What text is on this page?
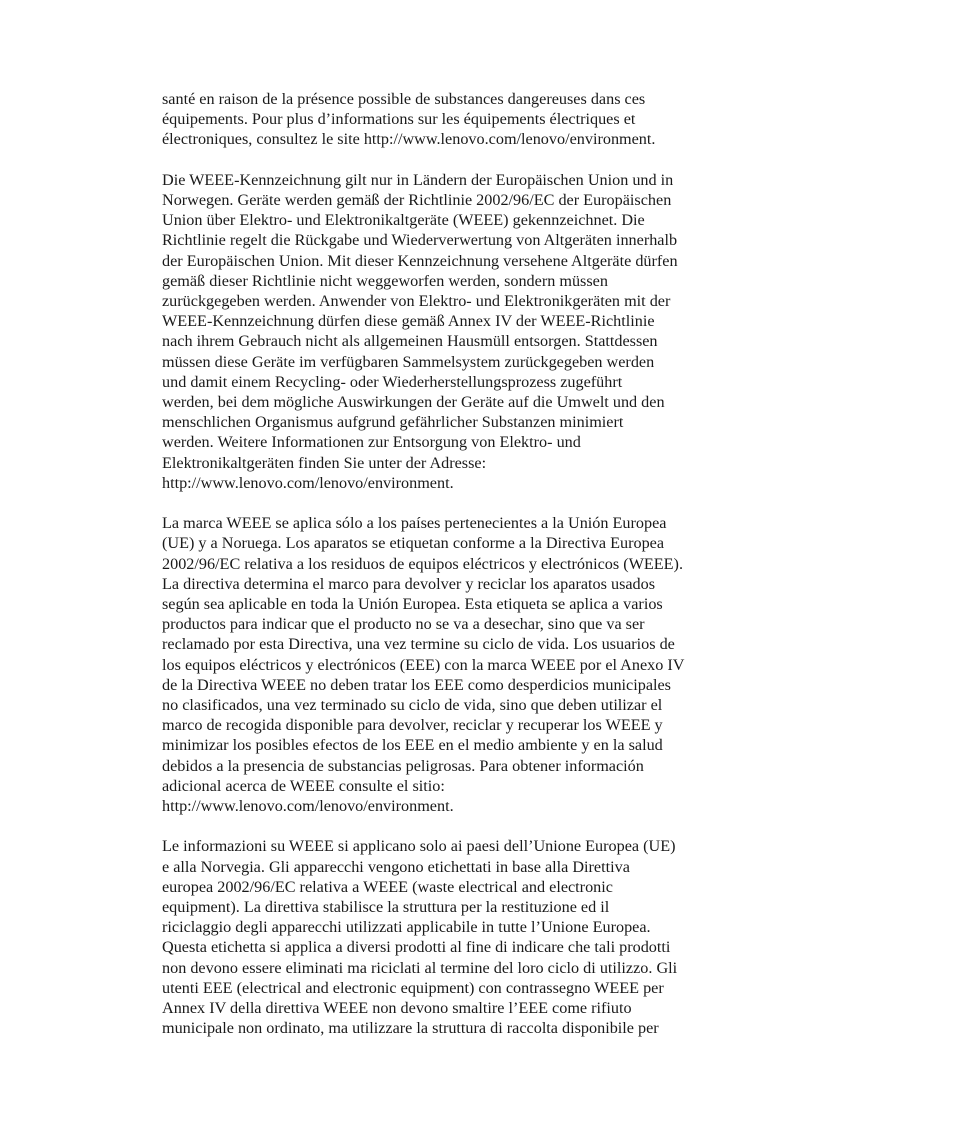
santé en raison de la présence possible de substances dangereuses dans ces
équipements. Pour plus d’informations sur les équipements électriques et
électroniques, consultez le site http://www.lenovo.com/lenovo/environment.
Die WEEE-Kennzeichnung gilt nur in Ländern der Europäischen Union und in
Norwegen. Geräte werden gemäß der Richtlinie 2002/96/EC der Europäischen
Union über Elektro- und Elektronikaltgeräte (WEEE) gekennzeichnet. Die
Richtlinie regelt die Rückgabe und Wiederverwertung von Altgeräten innerhalb
der Europäischen Union. Mit dieser Kennzeichnung versehene Altgeräte dürfen
gemäß dieser Richtlinie nicht weggeworfen werden, sondern müssen
zurückgegeben werden. Anwender von Elektro- und Elektronikgeräten mit der
WEEE-Kennzeichnung dürfen diese gemäß Annex IV der WEEE-Richtlinie
nach ihrem Gebrauch nicht als allgemeinen Hausmüll entsorgen. Stattdessen
müssen diese Geräte im verfügbaren Sammelsystem zurückgegeben werden
und damit einem Recycling- oder Wiederherstellungsprozess zugeführt
werden, bei dem mögliche Auswirkungen der Geräte auf die Umwelt und den
menschlichen Organismus aufgrund gefährlicher Substanzen minimiert
werden. Weitere Informationen zur Entsorgung von Elektro- und
Elektronikaltgeräten finden Sie unter der Adresse:
http://www.lenovo.com/lenovo/environment.
La marca WEEE se aplica sólo a los países pertenecientes a la Unión Europea
(UE) y a Noruega. Los aparatos se etiquetan conforme a la Directiva Europea
2002/96/EC relativa a los residuos de equipos eléctricos y electrónicos (WEEE).
La directiva determina el marco para devolver y reciclar los aparatos usados
según sea aplicable en toda la Unión Europea. Esta etiqueta se aplica a varios
productos para indicar que el producto no se va a desechar, sino que va ser
reclamado por esta Directiva, una vez termine su ciclo de vida. Los usuarios de
los equipos eléctricos y electrónicos (EEE) con la marca WEEE por el Anexo IV
de la Directiva WEEE no deben tratar los EEE como desperdicios municipales
no clasificados, una vez terminado su ciclo de vida, sino que deben utilizar el
marco de recogida disponible para devolver, reciclar y recuperar los WEEE y
minimizar los posibles efectos de los EEE en el medio ambiente y en la salud
debidos a la presencia de substancias peligrosas. Para obtener información
adicional acerca de WEEE consulte el sitio:
http://www.lenovo.com/lenovo/environment.
Le informazioni su WEEE si applicano solo ai paesi dell’Unione Europea (UE)
e alla Norvegia. Gli apparecchi vengono etichettati in base alla Direttiva
europea 2002/96/EC relativa a WEEE (waste electrical and electronic
equipment). La direttiva stabilisce la struttura per la restituzione ed il
riciclaggio degli apparecchi utilizzati applicabile in tutte l’Unione Europea.
Questa etichetta si applica a diversi prodotti al fine di indicare che tali prodotti
non devono essere eliminati ma riciclati al termine del loro ciclo di utilizzo. Gli
utenti EEE (electrical and electronic equipment) con contrassegno WEEE per
Annex IV della direttiva WEEE non devono smaltire l’EEE come rifiuto
municipale non ordinato, ma utilizzare la struttura di raccolta disponibile per
